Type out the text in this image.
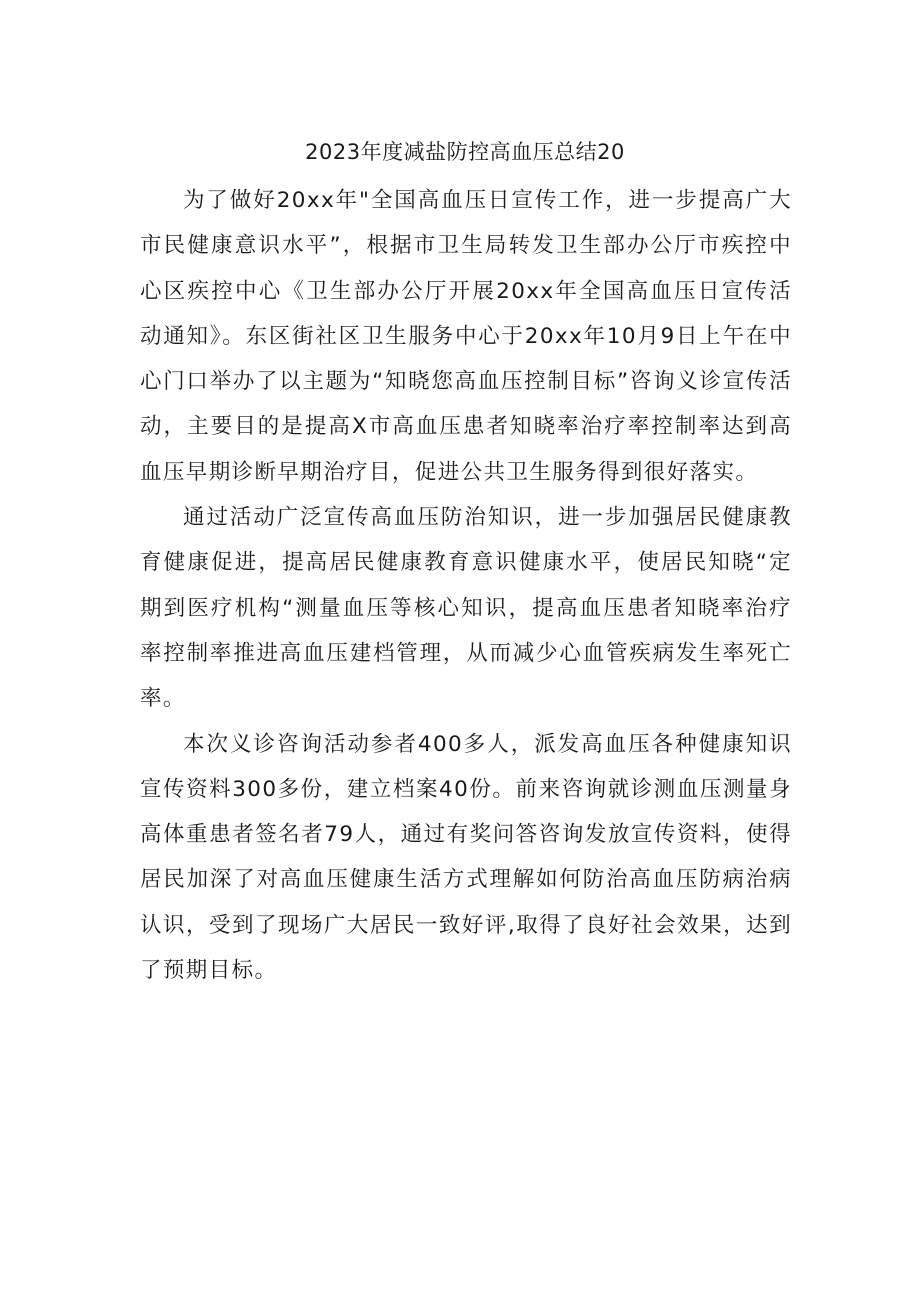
2023年度减盐防控高血压总结20

为了做好20xx年"全国高血压日宣传工作，进一步提高广大市民健康意识水平”，根据市卫生局转发卫生部办公厅市疾控中心区疾控中心《卫生部办公厅开展20xx年全国高血压日宣传活动通知》。东区街社区卫生服务中心于20xx年10月9日上午在中心门口举办了以主题为“知晓您高血压控制目标”咨询义诊宣传活动，主要目的是提高X市高血压患者知晓率治疗率控制率达到高血压早期诊断早期治疗目，促进公共卫生服务得到很好落实。

通过活动广泛宣传高血压防治知识，进一步加强居民健康教育健康促进，提高居民健康教育意识健康水平，使居民知晓“定期到医疗机构“测量血压等核心知识，提高血压患者知晓率治疗率控制率推进高血压建档管理，从而减少心血管疾病发生率死亡率。

本次义诊咨询活动参者400多人，派发高血压各种健康知识宣传资料300多份，建立档案40份。前来咨询就诊测血压测量身高体重患者签名者79人，通过有奖问答咨询发放宣传资料，使得居民加深了对高血压健康生活方式理解如何防治高血压防病治病认识，受到了现场广大居民一致好评,取得了良好社会效果，达到了预期目标。
